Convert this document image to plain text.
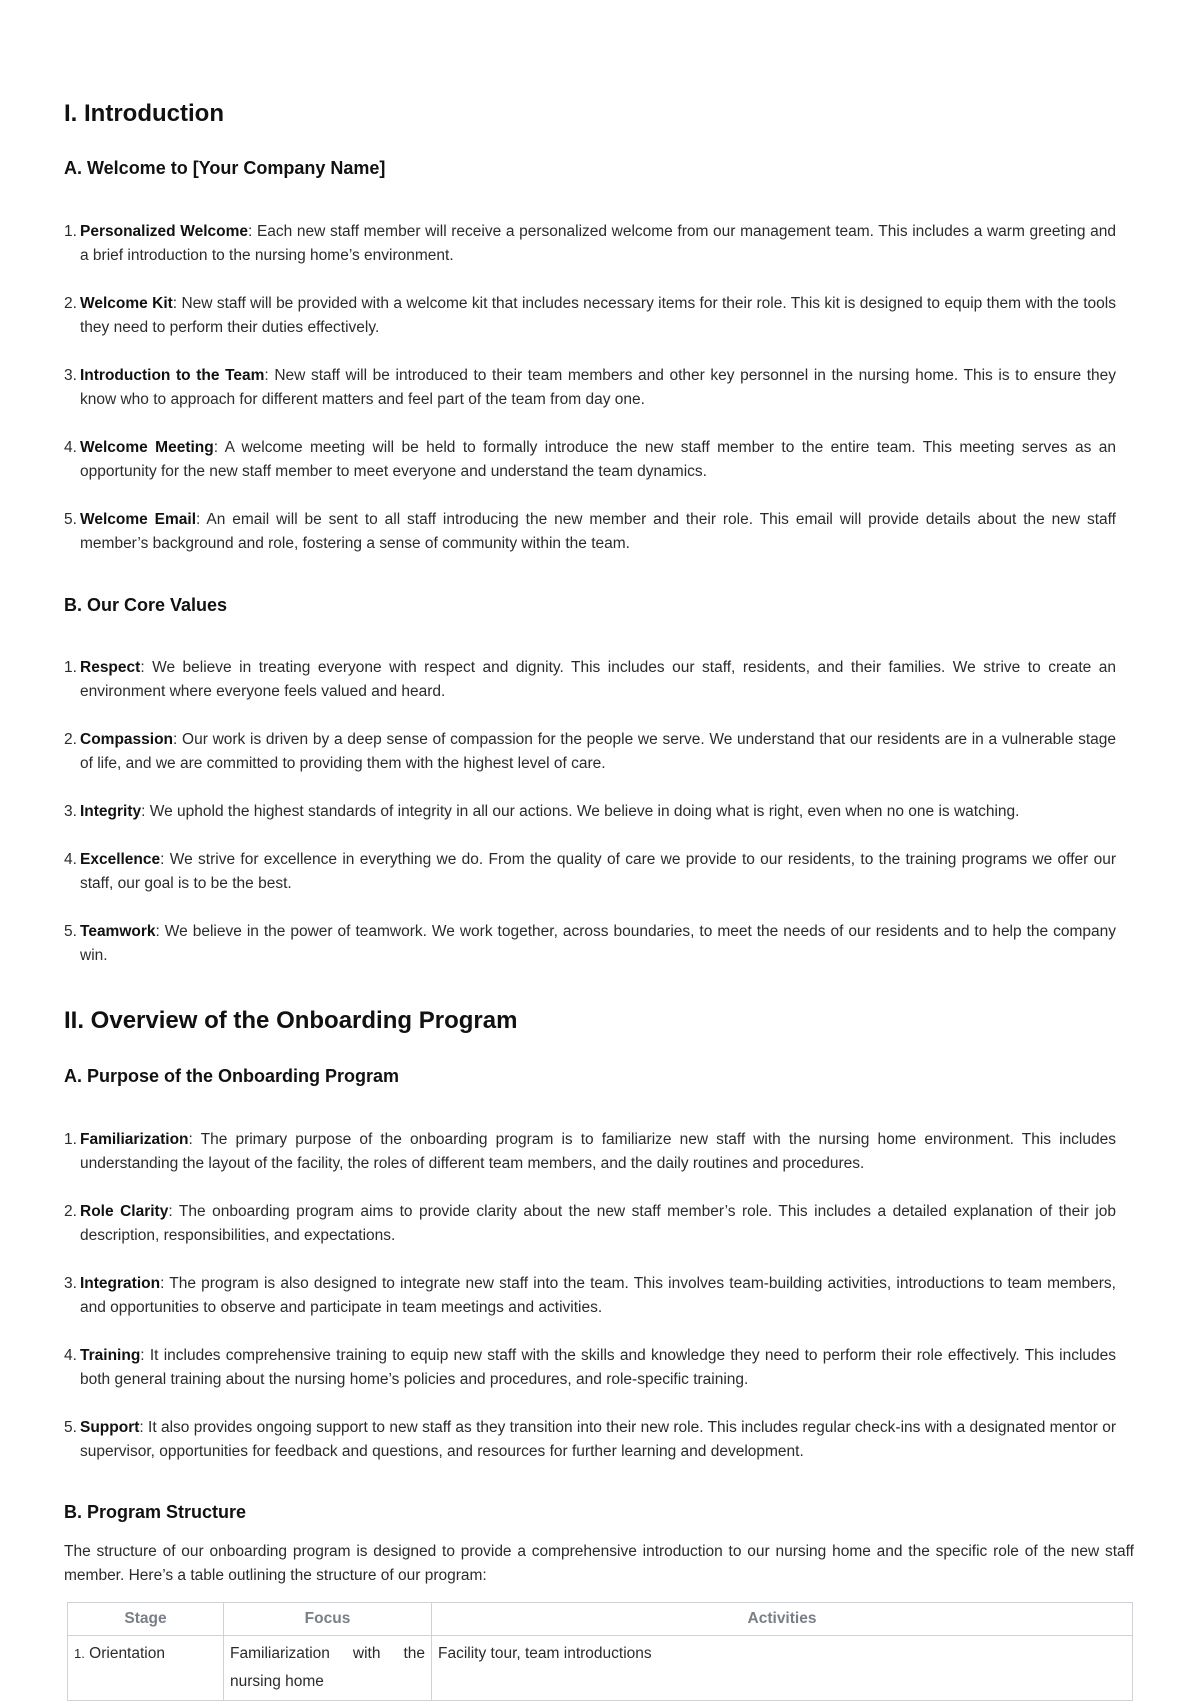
I. Introduction
A. Welcome to [Your Company Name]
1. Personalized Welcome: Each new staff member will receive a personalized welcome from our management team. This includes a warm greeting and a brief introduction to the nursing home’s environment.
2. Welcome Kit: New staff will be provided with a welcome kit that includes necessary items for their role. This kit is designed to equip them with the tools they need to perform their duties effectively.
3. Introduction to the Team: New staff will be introduced to their team members and other key personnel in the nursing home. This is to ensure they know who to approach for different matters and feel part of the team from day one.
4. Welcome Meeting: A welcome meeting will be held to formally introduce the new staff member to the entire team. This meeting serves as an opportunity for the new staff member to meet everyone and understand the team dynamics.
5. Welcome Email: An email will be sent to all staff introducing the new member and their role. This email will provide details about the new staff member’s background and role, fostering a sense of community within the team.
B. Our Core Values
1. Respect: We believe in treating everyone with respect and dignity. This includes our staff, residents, and their families. We strive to create an environment where everyone feels valued and heard.
2. Compassion: Our work is driven by a deep sense of compassion for the people we serve. We understand that our residents are in a vulnerable stage of life, and we are committed to providing them with the highest level of care.
3. Integrity: We uphold the highest standards of integrity in all our actions. We believe in doing what is right, even when no one is watching.
4. Excellence: We strive for excellence in everything we do. From the quality of care we provide to our residents, to the training programs we offer our staff, our goal is to be the best.
5. Teamwork: We believe in the power of teamwork. We work together, across boundaries, to meet the needs of our residents and to help the company win.
II. Overview of the Onboarding Program
A. Purpose of the Onboarding Program
1. Familiarization: The primary purpose of the onboarding program is to familiarize new staff with the nursing home environment. This includes understanding the layout of the facility, the roles of different team members, and the daily routines and procedures.
2. Role Clarity: The onboarding program aims to provide clarity about the new staff member’s role. This includes a detailed explanation of their job description, responsibilities, and expectations.
3. Integration: The program is also designed to integrate new staff into the team. This involves team-building activities, introductions to team members, and opportunities to observe and participate in team meetings and activities.
4. Training: It includes comprehensive training to equip new staff with the skills and knowledge they need to perform their role effectively. This includes both general training about the nursing home’s policies and procedures, and role-specific training.
5. Support: It also provides ongoing support to new staff as they transition into their new role. This includes regular check-ins with a designated mentor or supervisor, opportunities for feedback and questions, and resources for further learning and development.
B. Program Structure

The structure of our onboarding program is designed to provide a comprehensive introduction to our nursing home and the specific role of the new staff member. Here’s a table outlining the structure of our program:

Stage	Focus	Activities
1. Orientation	Familiarization with the nursing home	Facility tour, team introductions
